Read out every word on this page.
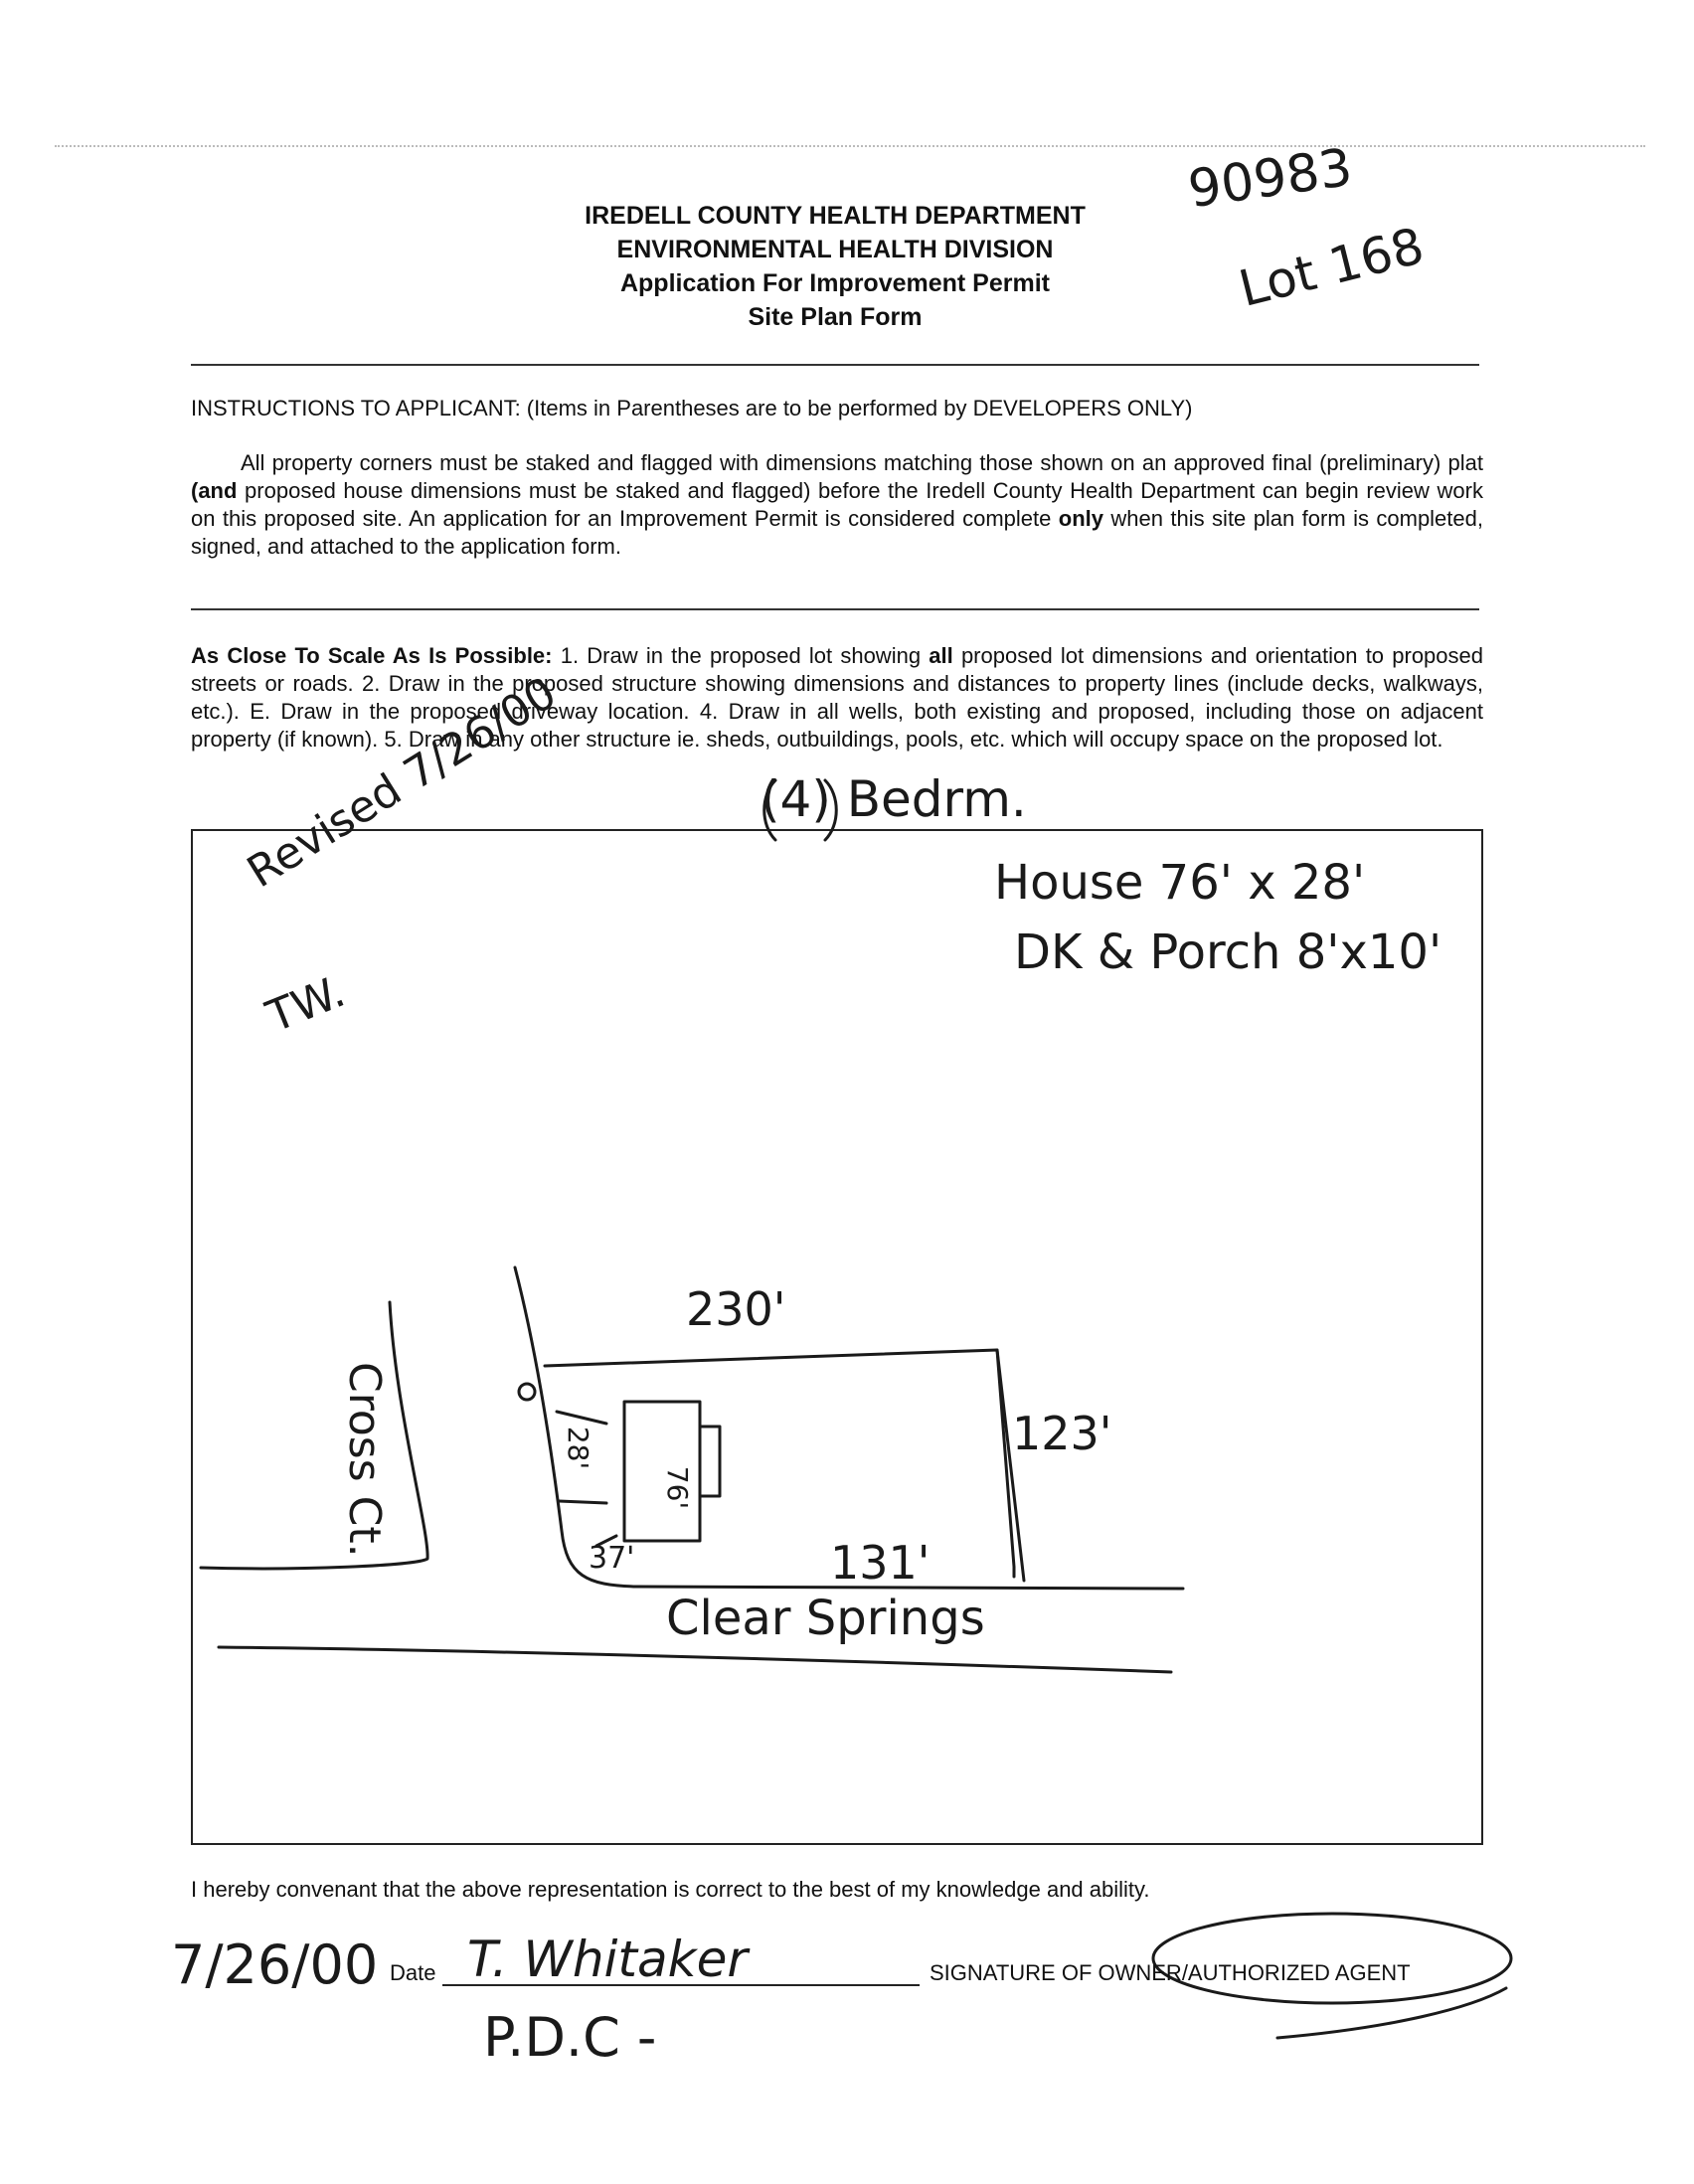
IREDELL COUNTY HEALTH DEPARTMENT
ENVIRONMENTAL HEALTH DIVISION
Application For Improvement Permit
Site Plan Form
90983
Lot 168
INSTRUCTIONS TO APPLICANT: (Items in Parentheses are to be performed by DEVELOPERS ONLY)
All property corners must be staked and flagged with dimensions matching those shown on an approved final (preliminary) plat (and proposed house dimensions must be staked and flagged) before the Iredell County Health Department can begin review work on this proposed site. An application for an Improvement Permit is considered complete only when this site plan form is completed, signed, and attached to the application form.
As Close To Scale As Is Possible: 1. Draw in the proposed lot showing all proposed lot dimensions and orientation to proposed streets or roads. 2. Draw in the proposed structure showing dimensions and distances to property lines (include decks, walkways, etc.). E. Draw in the proposed driveway location. 4. Draw in all wells, both existing and proposed, including those on adjacent property (if known). 5. Draw in any other structure ie. sheds, outbuildings, pools, etc. which will occupy space on the proposed lot.
(4) Bedrm.
Revised 7/26/00
TW.
House 76' x 28'
DK & Porch 8'x10'
Cross Ct.
Clear Springs
230'
123'
131'
37'
28'
76'
I hereby convenant that the above representation is correct to the best of my knowledge and ability.
7/26/00 Date T. Whitaker	SIGNATURE OF OWNER/AUTHORIZED AGENT
P.D.C -
